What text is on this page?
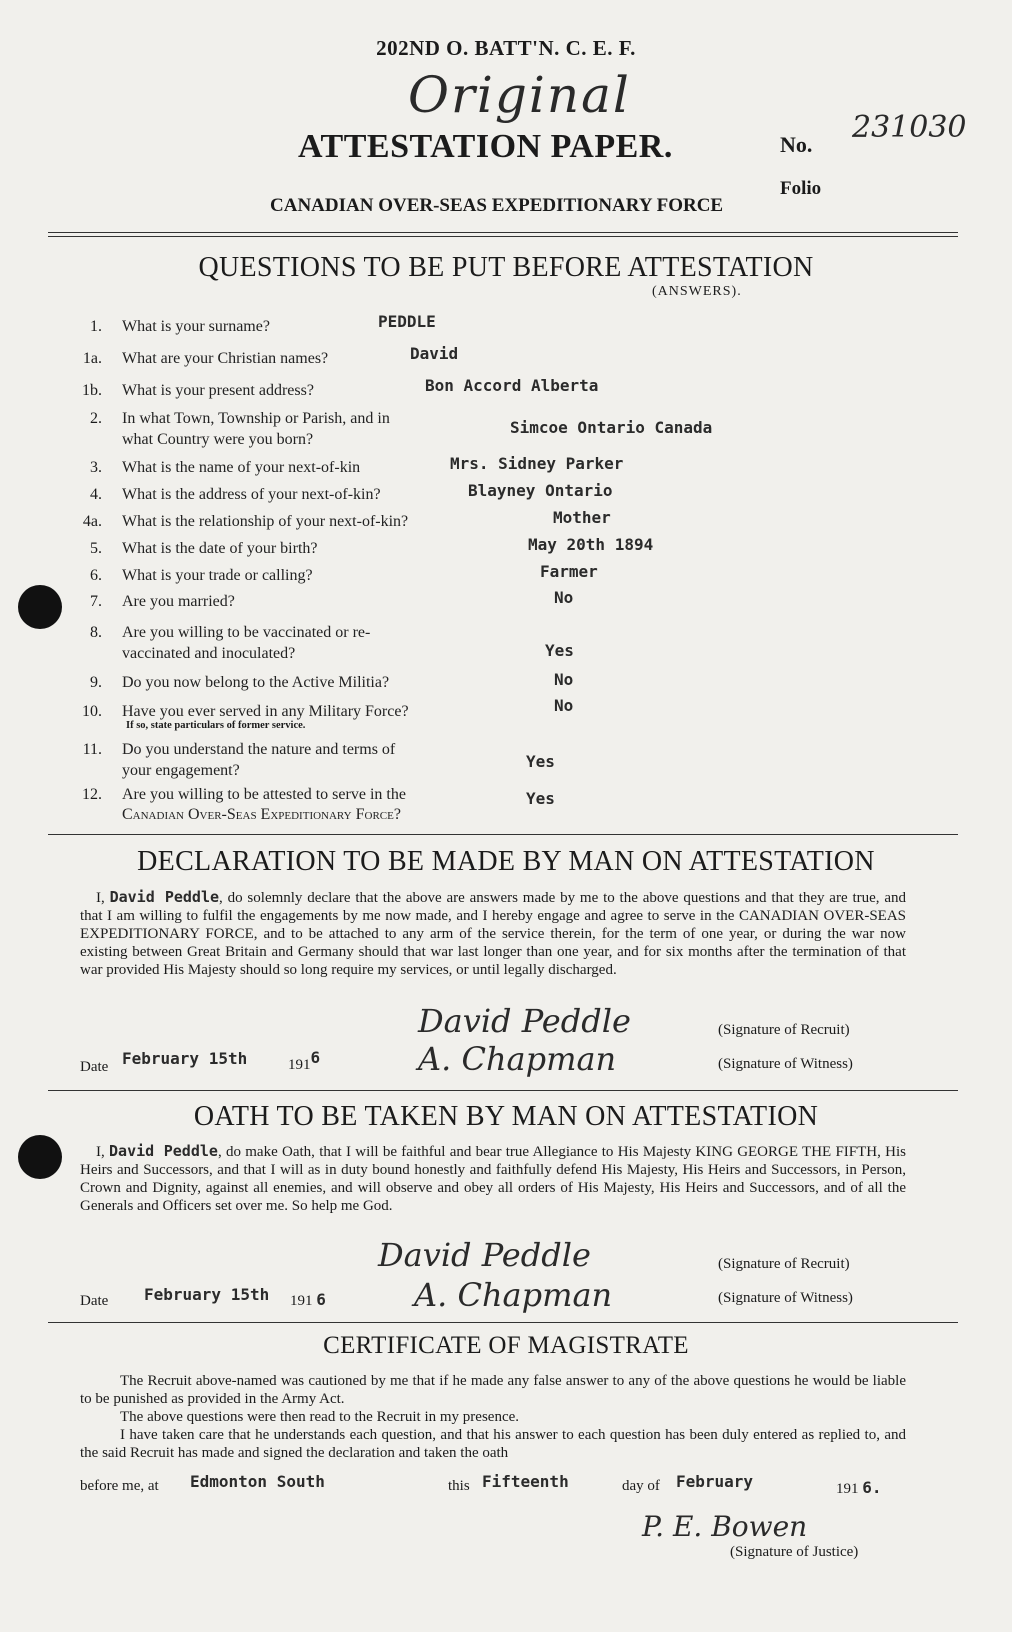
202ND O. BATT'N. C. E. F.
Original
ATTESTATION PAPER.	No. 231030
Folio
CANADIAN OVER-SEAS EXPEDITIONARY FORCE
QUESTIONS TO BE PUT BEFORE ATTESTATION
(ANSWERS).
1. What is your surname?	PEDDLE
1a. What are your Christian names?	David
1b. What is your present address?	Bon Accord Alberta
2. In what Town, Township or Parish, and in
what Country were you born?
Simcoe Ontario Canada
3. What is the name of your next-of-kin	Mrs. Sidney Parker
4. What is the address of your next-of-kin?	Blayney Ontario
4a. What is the relationship of your next-of-kin?	Mother
5. What is the date of your birth?	May 20th 1894
6. What is your trade or calling?	Farmer
7. Are you married?	No
8. Are you willing to be vaccinated or re-
vaccinated and inoculated?	Yes
9. Do you now belong to the Active Militia?	No
10. Have you ever served in any Military Force?
If so, state particulars of former service.
No
11. Do you understand the nature and terms of
your engagement?	Yes
12. Are you willing to be attested to serve in the
Canadian Over-Seas Expeditionary Force?
Yes
DECLARATION TO BE MADE BY MAN ON ATTESTATION
I, David Peddle, do solemnly declare that the above are answers made by me to the above questions and that they are true, and that I am willing to fulfil the engagements by me now made, and I hereby engage and agree to serve in the CANADIAN OVER-SEAS EXPEDITIONARY FORCE, and to be attached to any arm of the service therein, for the term of one year, or during the war now existing between Great Britain and Germany should that war last longer than one year, and for six months after the termination of that war provided His Majesty should so long require my services, or until legally discharged.
David Peddle	(Signature of Recruit)
Date February 15th	1916	A. Chapman	(Signature of Witness)
OATH TO BE TAKEN BY MAN ON ATTESTATION
I, David Peddle, do make Oath, that I will be faithful and bear true Allegiance to His Majesty KING GEORGE THE FIFTH, His Heirs and Successors, and that I will as in duty bound honestly and faithfully defend His Majesty, His Heirs and Successors, in Person, Crown and Dignity, against all enemies, and will observe and obey all orders of His Majesty, His Heirs and Successors, and of all the Generals and Officers set over me. So help me God.
David Peddle	(Signature of Recruit)
Date February 15th 191 6	A. Chapman	(Signature of Witness)
CERTIFICATE OF MAGISTRATE
The Recruit above-named was cautioned by me that if he made any false answer to any of the above questions he would be liable to be punished as provided in the Army Act.
The above questions were then read to the Recruit in my presence.
I have taken care that he understands each question, and that his answer to each question has been duly entered as replied to, and the said Recruit has made and signed the declaration and taken the oath
before me, at Edmonton South	this Fifteenth	day of February	191 6.
P. E. Bowen
(Signature of Justice)
